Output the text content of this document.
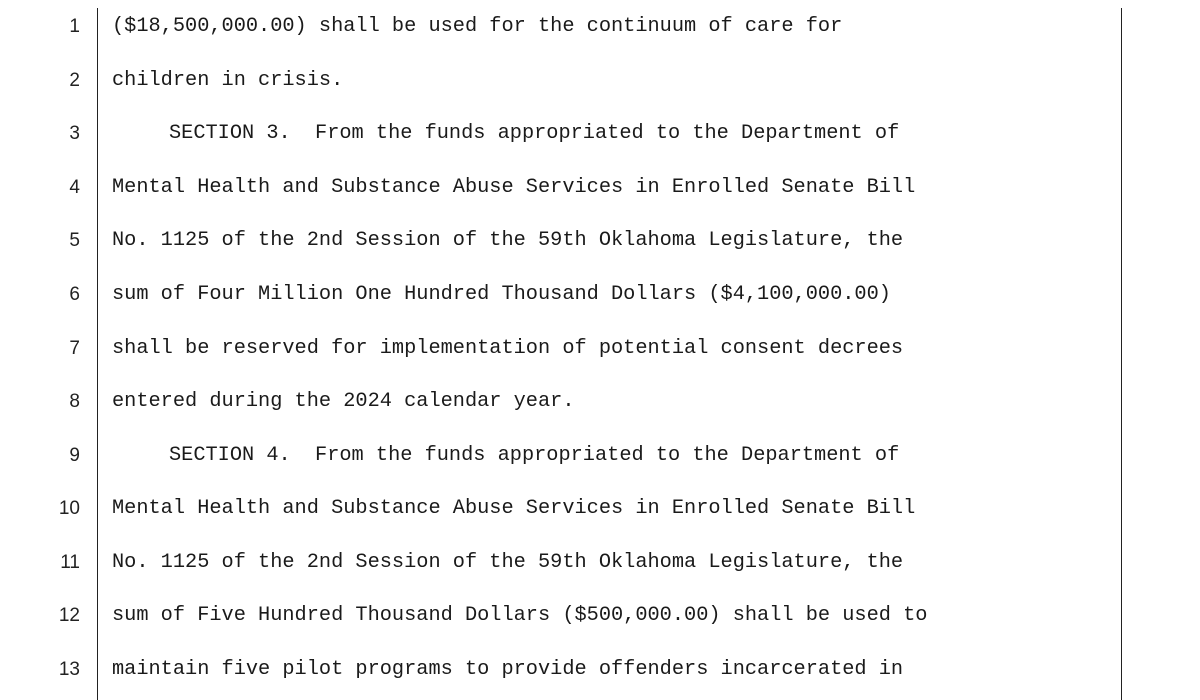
1 ($18,500,000.00) shall be used for the continuum of care for
2 children in crisis.
3	SECTION 3.  From the funds appropriated to the Department of
4 Mental Health and Substance Abuse Services in Enrolled Senate Bill
5 No. 1125 of the 2nd Session of the 59th Oklahoma Legislature, the
6 sum of Four Million One Hundred Thousand Dollars ($4,100,000.00)
7 shall be reserved for implementation of potential consent decrees
8 entered during the 2024 calendar year.
9	SECTION 4.  From the funds appropriated to the Department of
10 Mental Health and Substance Abuse Services in Enrolled Senate Bill
11 No. 1125 of the 2nd Session of the 59th Oklahoma Legislature, the
12 sum of Five Hundred Thousand Dollars ($500,000.00) shall be used to
13 maintain five pilot programs to provide offenders incarcerated in
